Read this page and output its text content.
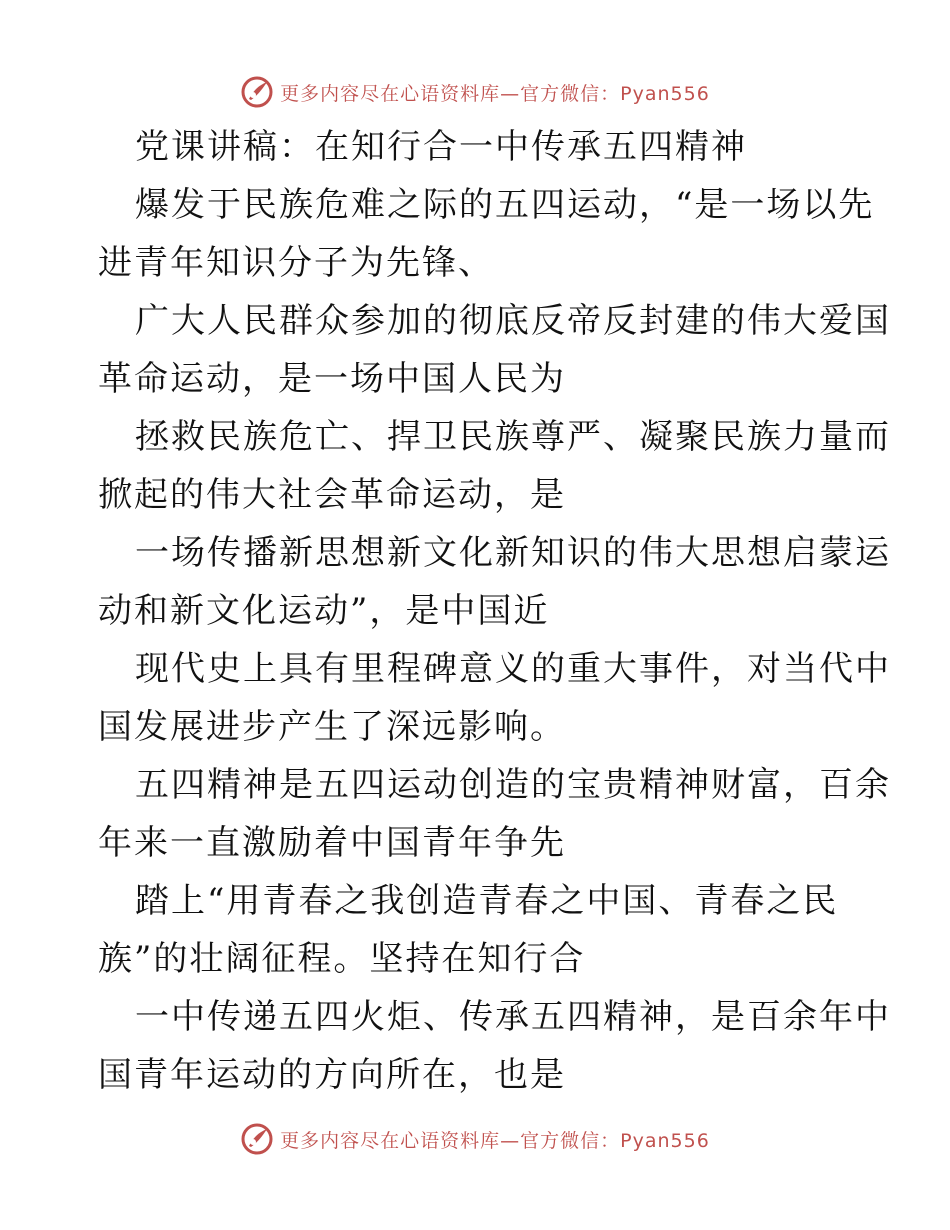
更多内容尽在心语资料库—官方微信：Pyan556
党课讲稿：在知行合一中传承五四精神
爆发于民族危难之际的五四运动，“是一场以先
进青年知识分子为先锋、
广大人民群众参加的彻底反帝反封建的伟大爱国
革命运动，是一场中国人民为
拯救民族危亡、捍卫民族尊严、凝聚民族力量而
掀起的伟大社会革命运动，是
一场传播新思想新文化新知识的伟大思想启蒙运
动和新文化运动”，是中国近
现代史上具有里程碑意义的重大事件，对当代中
国发展进步产生了深远影响。
五四精神是五四运动创造的宝贵精神财富，百余
年来一直激励着中国青年争先
踏上“用青春之我创造青春之中国、青春之民
族”的壮阔征程。坚持在知行合
一中传递五四火炬、传承五四精神，是百余年中
国青年运动的方向所在，也是
更多内容尽在心语资料库—官方微信：Pyan556
